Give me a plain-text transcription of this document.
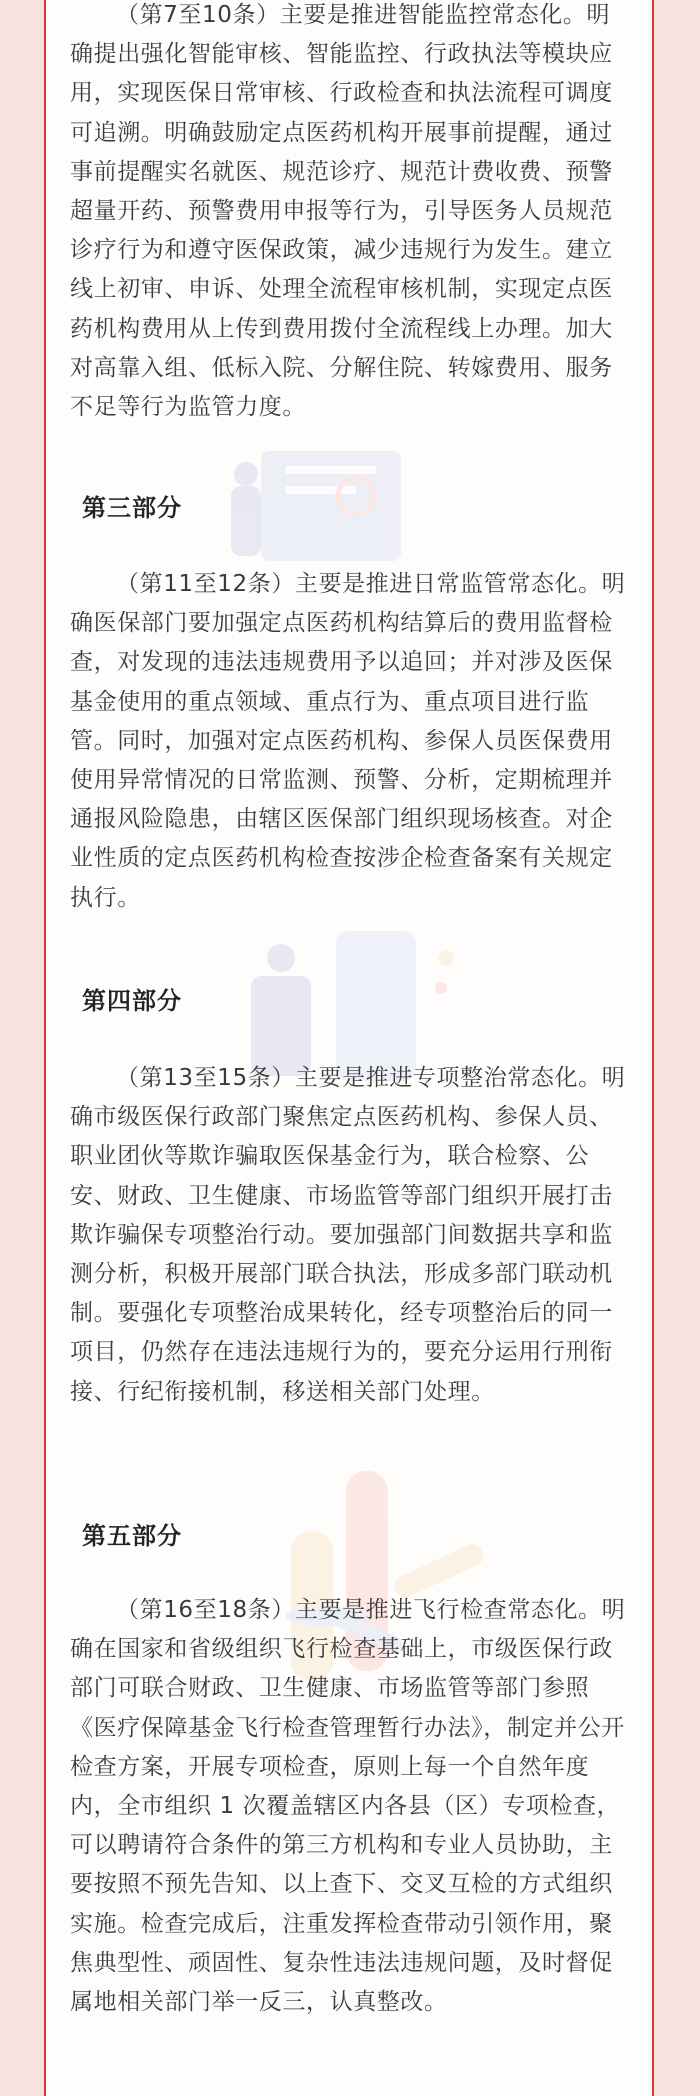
（第7至10条）主要是推进智能监控常态化。明确提出强化智能审核、智能监控、行政执法等模块应用，实现医保日常审核、行政检查和执法流程可调度可追溯。明确鼓励定点医药机构开展事前提醒，通过事前提醒实名就医、规范诊疗、规范计费收费、预警超量开药、预警费用申报等行为，引导医务人员规范诊疗行为和遵守医保政策，减少违规行为发生。建立线上初审、申诉、处理全流程审核机制，实现定点医药机构费用从上传到费用拨付全流程线上办理。加大对高靠入组、低标入院、分解住院、转嫁费用、服务不足等行为监管力度。

第三部分

（第11至12条）主要是推进日常监管常态化。明确医保部门要加强定点医药机构结算后的费用监督检查，对发现的违法违规费用予以追回；并对涉及医保基金使用的重点领域、重点行为、重点项目进行监管。同时，加强对定点医药机构、参保人员医保费用使用异常情况的日常监测、预警、分析，定期梳理并通报风险隐患，由辖区医保部门组织现场核查。对企业性质的定点医药机构检查按涉企检查备案有关规定执行。

第四部分

（第13至15条）主要是推进专项整治常态化。明确市级医保行政部门聚焦定点医药机构、参保人员、职业团伙等欺诈骗取医保基金行为，联合检察、公安、财政、卫生健康、市场监管等部门组织开展打击欺诈骗保专项整治行动。要加强部门间数据共享和监测分析，积极开展部门联合执法，形成多部门联动机制。要强化专项整治成果转化，经专项整治后的同一项目，仍然存在违法违规行为的，要充分运用行刑衔接、行纪衔接机制，移送相关部门处理。

第五部分

（第16至18条）主要是推进飞行检查常态化。明确在国家和省级组织飞行检查基础上，市级医保行政部门可联合财政、卫生健康、市场监管等部门参照《医疗保障基金飞行检查管理暂行办法》，制定并公开检查方案，开展专项检查，原则上每一个自然年度内，全市组织 1 次覆盖辖区内各县（区）专项检查，可以聘请符合条件的第三方机构和专业人员协助，主要按照不预先告知、以上查下、交叉互检的方式组织实施。检查完成后，注重发挥检查带动引领作用，聚焦典型性、顽固性、复杂性违法违规问题，及时督促属地相关部门举一反三，认真整改。
